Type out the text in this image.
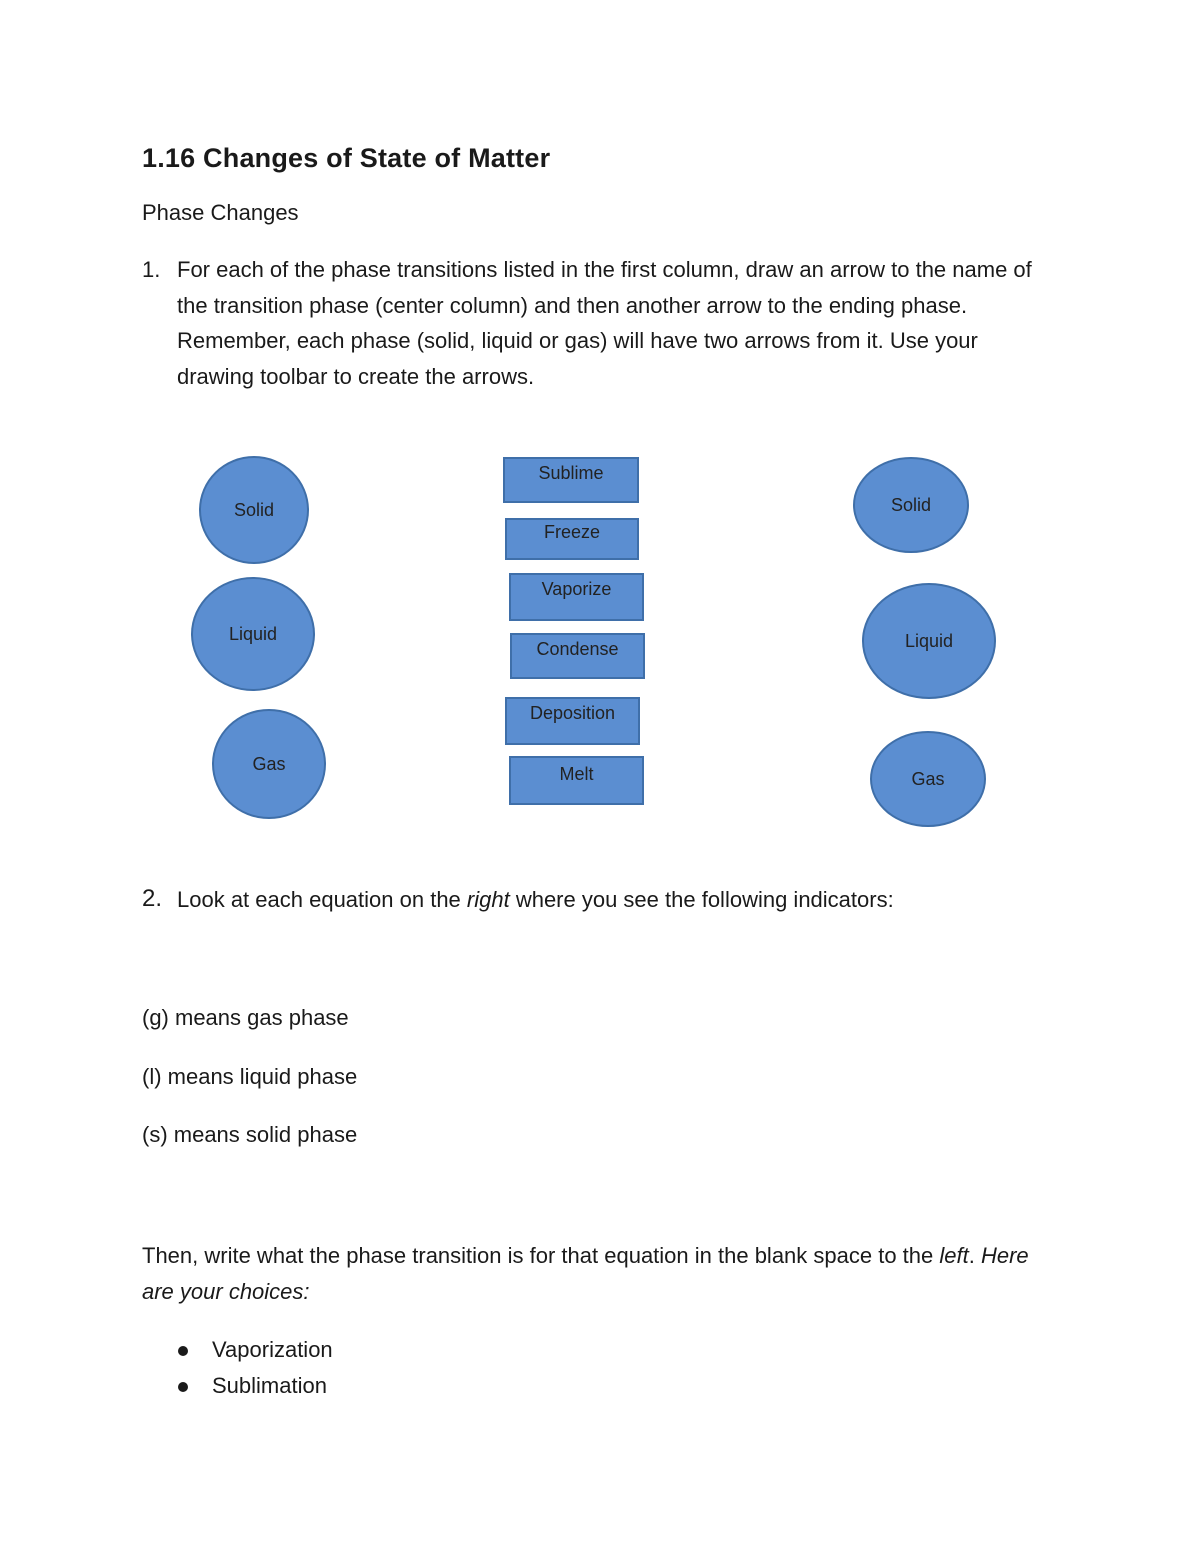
1.16 Changes of State of Matter
Phase Changes
1. For each of the phase transitions listed in the first column, draw an arrow to the name of the transition phase (center column) and then another arrow to the ending phase. Remember, each phase (solid, liquid or gas) will have two arrows from it. Use your drawing toolbar to create the arrows.
Solid
Liquid
Gas
Sublime
Freeze
Vaporize
Condense
Deposition
Melt
Solid
Liquid
Gas
2. Look at each equation on the right where you see the following indicators:
(g) means gas phase
(l) means liquid phase
(s) means solid phase
Then, write what the phase transition is for that equation in the blank space to the left. Here are your choices:
Vaporization
Sublimation
